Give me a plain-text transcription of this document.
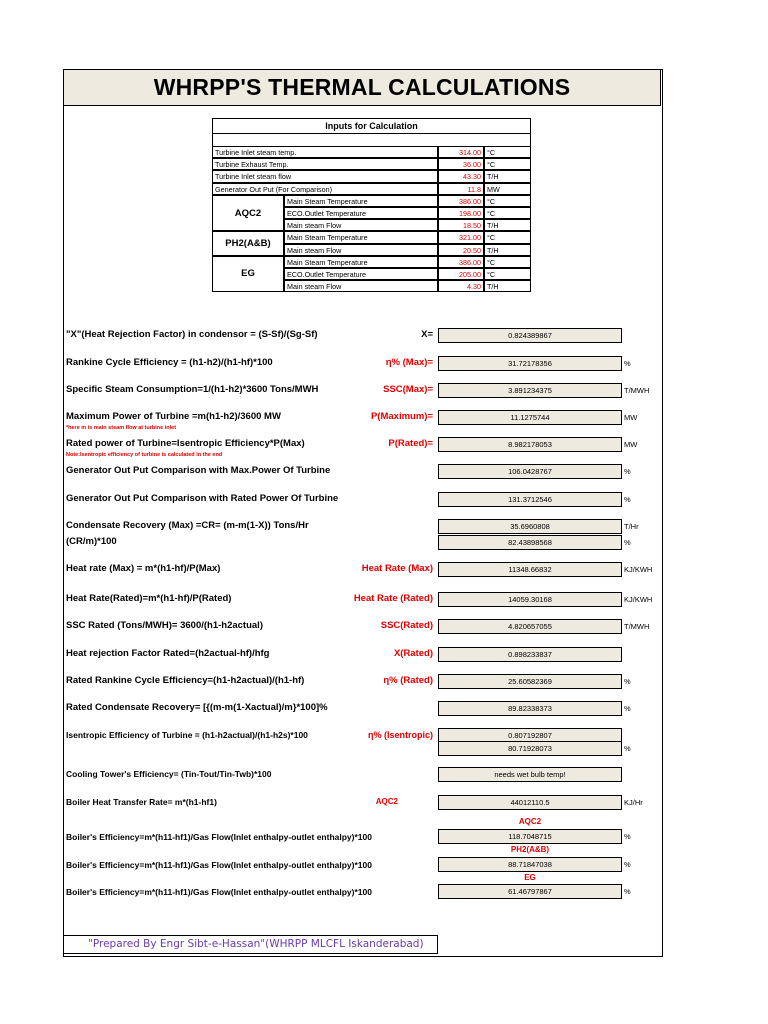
WHRPP'S THERMAL CALCULATIONS
Inputs for Calculation
Turbine Inlet steam temp.	314.00 °C
Turbine Exhaust Temp.	36.00 °C
Turbine Inlet steam flow	43.30 T/H
Generator Out Put (For Comparison)	11.8 MW
AQC2
Main Steam Temperature	386.00 °C
ECO.Outlet Temperature	198.00 °C
Main steam Flow	18.50 T/H
PH2(A&B)
Main Steam Temperature	321.00 °C
Main steam Flow	20.50 T/H
EG
Main Steam Temperature	386.00 °C
ECO.Outlet Temperature	205.00 °C
Main steam Flow	4.30 T/H
"X"(Heat Rejection Factor) in condensor = (S-Sf)/(Sg-Sf)	X=	0.824389867
Rankine Cycle Efficiency = (h1-h2)/(h1-hf)*100	η% (Max)=	31.72178356	%
Specific Steam Consumption=1/(h1-h2)*3600 Tons/MWH	SSC(Max)=	3.891234375	T/MWH
Maximum Power of Turbine =m(h1-h2)/3600 MW	P(Maximum)=
*here m is main steam flow at turbine inlet
11.1275744	MW
Rated power of Turbine=Isentropic Efficiency*P(Max)	P(Rated)=
Note:Isentropic efficiency of turbine is calculated in the end
8.982178053	MW
Generator Out Put Comparison with Max.Power Of Turbine	106.0428767	%
Generator Out Put Comparison with Rated Power Of Turbine	131.3712546	%
Condensate Recovery (Max) =CR= (m-m(1-X)) Tons/Hr
(CR/m)*100
35.6960808	T/Hr
82.43898568	%
Heat rate (Max) = m*(h1-hf)/P(Max)	Heat Rate (Max)	11348.66832	KJ/KWH
Heat Rate(Rated)=m*(h1-hf)/P(Rated)	Heat Rate (Rated)	14059.30168	KJ/KWH
SSC Rated (Tons/MWH)= 3600/(h1-h2actual)	SSC(Rated)	4.820657055	T/MWH
Heat rejection Factor Rated=(h2actual-hf)/hfg	X(Rated)	0.898233837
Rated Rankine Cycle Efficiency=(h1-h2actual)/(h1-hf)	η% (Rated)	25.60582369	%
Rated Condensate Recovery= [{(m-m(1-Xactual)/m}*100]%	89.82338373	%
Isentropic Efficiency of Turbine = (h1-h2actual)/(h1-h2s)*100	η% (Isentropic)	0.807192807
80.71928073	%
Cooling Tower's Efficiency= (Tin-Tout/Tin-Twb)*100	needs wet bulb temp!
Boiler Heat Transfer Rate= m*(h1-hf1)	AQC2	44012110.5	KJ/Hr
AQC2
Boiler's Efficiency=m*(h11-hf1)/Gas Flow(Inlet enthalpy-outlet enthalpy)*100	118.7048715	%
PH2(A&B)
Boiler's Efficiency=m*(h11-hf1)/Gas Flow(Inlet enthalpy-outlet enthalpy)*100	88.71847038	%
EG
Boiler's Efficiency=m*(h11-hf1)/Gas Flow(Inlet enthalpy-outlet enthalpy)*100	61.46797867	%
"Prepared By Engr Sibt-e-Hassan"(WHRPP MLCFL Iskanderabad)
